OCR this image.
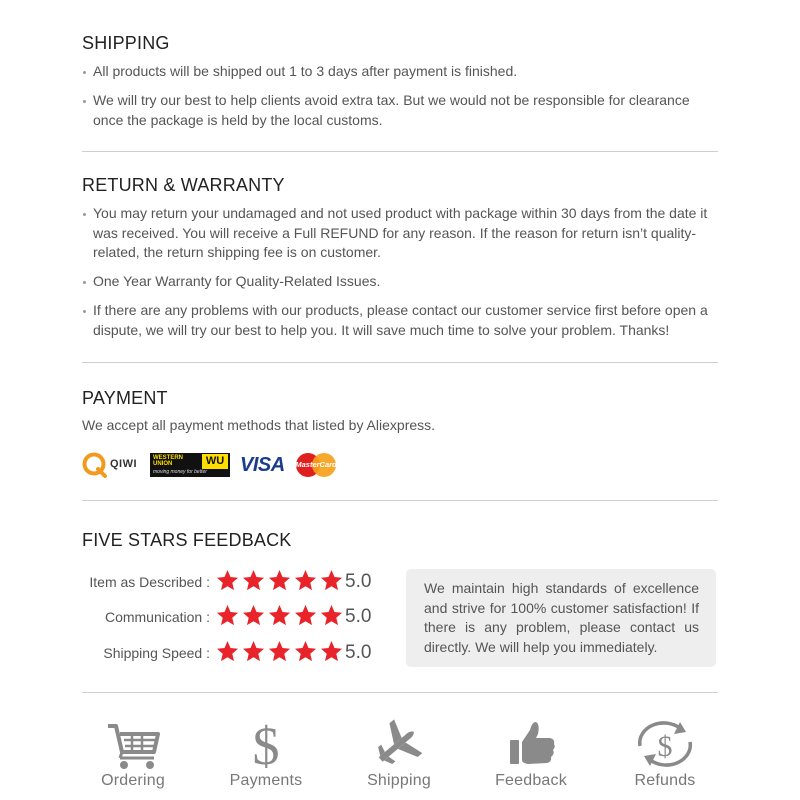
SHIPPING
All products will be shipped out 1 to 3 days after payment is finished.
We will try our best to help clients avoid extra tax. But we would not be responsible for clearance once the package is held by the local customs.
RETURN & WARRANTY
You may return your undamaged and not used product with package within 30 days from the date it was received. You will receive a Full REFUND for any reason. If the reason for return isn’t quality-related, the return shipping fee is on customer.
One Year Warranty for Quality-Related Issues.
If there are any problems with our products, please contact our customer service first before open a dispute, we will try our best to help you. It will save much time to solve your problem. Thanks!
PAYMENT

We accept all payment methods that listed by Aliexpress.

QIWI	WESTERN
UNION	WU
moving money for better VISA MasterCard
FIVE STARS FEEDBACK
Item as Described :	5.0
Communication :	5.0
Shipping Speed :	5.0

We maintain high standards of excellence and strive for 100% customer satisfaction! If there is any problem, please contact us directly. We will help you immediately.

Ordering
$
Payments	Shipping	Feedback
$
Refunds
